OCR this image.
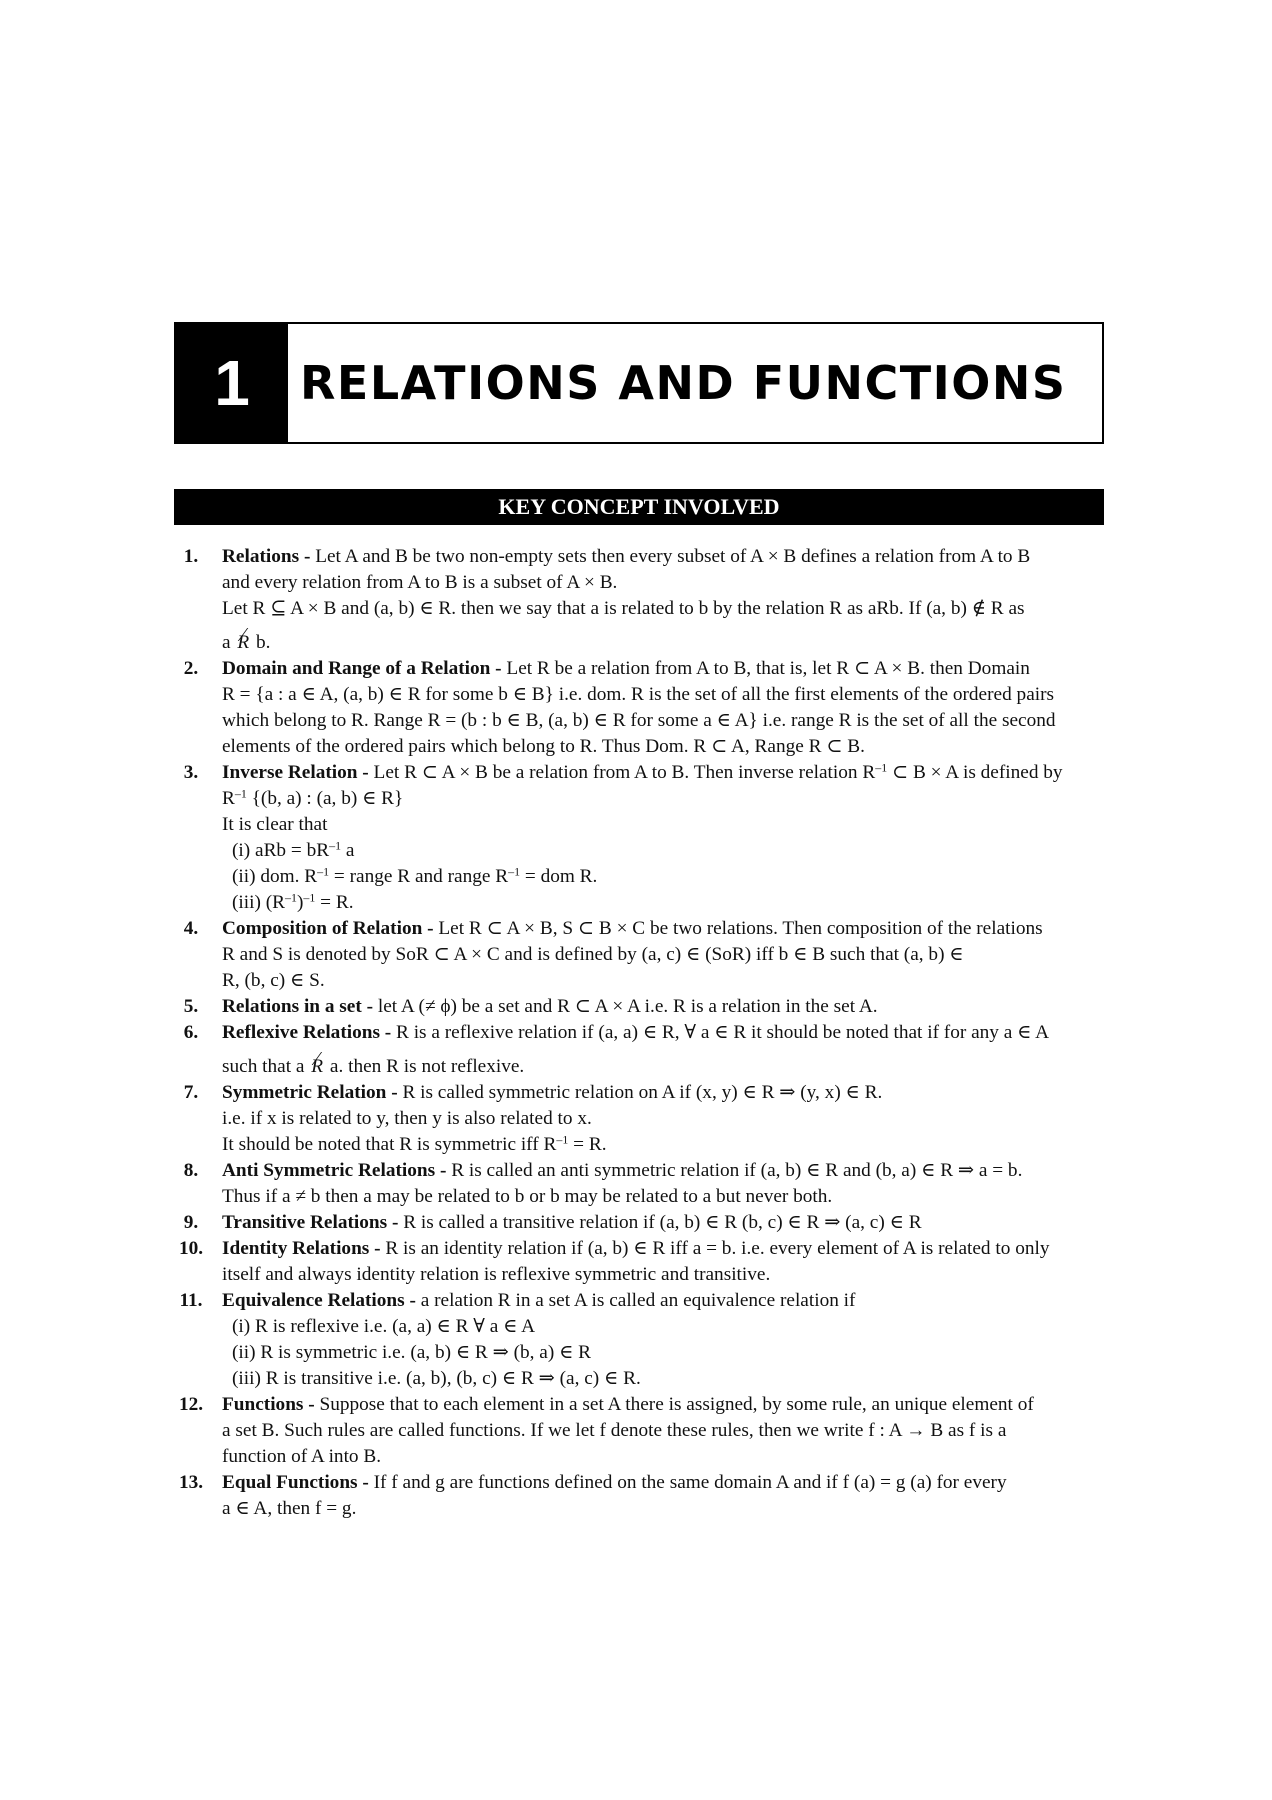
1	RELATIONS AND FUNCTIONS
KEY CONCEPT INVOLVED
1.	Relations - Let A and B be two non-empty sets then every subset of A × B defines a relation from A to B
and every relation from A to B is a subset of A × B.
Let R ⊆ A × B and (a, b) ∈ R. then we say that a is related to b by the relation R as aRb. If (a, b) ∉ R as
a R ⁄ b.
2.	Domain and Range of a Relation - Let R be a relation from A to B, that is, let R ⊂ A × B. then Domain
R = {a : a ∈ A, (a, b) ∈ R for some b ∈ B} i.e. dom. R is the set of all the first elements of the ordered pairs
which belong to R. Range R = (b : b ∈ B, (a, b) ∈ R for some a ∈ A} i.e. range R is the set of all the second
elements of the ordered pairs which belong to R. Thus Dom. R ⊂ A, Range R ⊂ B.
3.	Inverse Relation - Let R ⊂ A × B be a relation from A to B. Then inverse relation $R^{-1}$ ⊂ B × A is defined by
$R^{-1}$ {(b, a) : (a, b) ∈ R}
It is clear that
(i) aRb = $bR^{-1}$ a
(ii) dom. $R^{-1}$ = range R and range $R^{-1}$ = dom R.
(iii) $(R^{-1})^{-1} = R$.
4.	Composition of Relation - Let R ⊂ A × B, S ⊂ B × C be two relations. Then composition of the relations
R and S is denoted by SoR ⊂ A × C and is defined by (a, c) ∈ (SoR) iff b ∈ B such that (a, b) ∈
R, (b, c) ∈ S.
5.	Relations in a set - let A (≠ ϕ) be a set and R ⊂ A × A i.e. R is a relation in the set A.
6.	Reflexive Relations - R is a reflexive relation if (a, a) ∈ R, ∀ a ∈ R it should be noted that if for any a ∈ A
such that a R ⁄ a. then R is not reflexive.
7.	Symmetric Relation - R is called symmetric relation on A if (x, y) ∈ R ⇒ (y, x) ∈ R.
i.e. if x is related to y, then y is also related to x.
It should be noted that R is symmetric iff $R^{-1} = R$.
8.	Anti Symmetric Relations - R is called an anti symmetric relation if (a, b) ∈ R and (b, a) ∈ R ⇒ a = b.
Thus if a ≠ b then a may be related to b or b may be related to a but never both.
9.	Transitive Relations - R is called a transitive relation if (a, b) ∈ R (b, c) ∈ R ⇒ (a, c) ∈ R
10. Identity Relations - R is an identity relation if (a, b) ∈ R iff a = b. i.e. every element of A is related to only
itself and always identity relation is reflexive symmetric and transitive.
11.	Equivalence Relations - a relation R in a set A is called an equivalence relation if
(i) R is reflexive i.e. (a, a) ∈ R ∀ a ∈ A
(ii) R is symmetric i.e. (a, b) ∈ R ⇒ (b, a) ∈ R
(iii) R is transitive i.e. (a, b), (b, c) ∈ R ⇒ (a, c) ∈ R.
12. Functions - Suppose that to each element in a set A there is assigned, by some rule, an unique element of
a set B. Such rules are called functions. If we let f denote these rules, then we write f : A → B as f is a
function of A into B.
13. Equal Functions - If f and g are functions defined on the same domain A and if f (a) = g (a) for every
a ∈ A, then f = g.
